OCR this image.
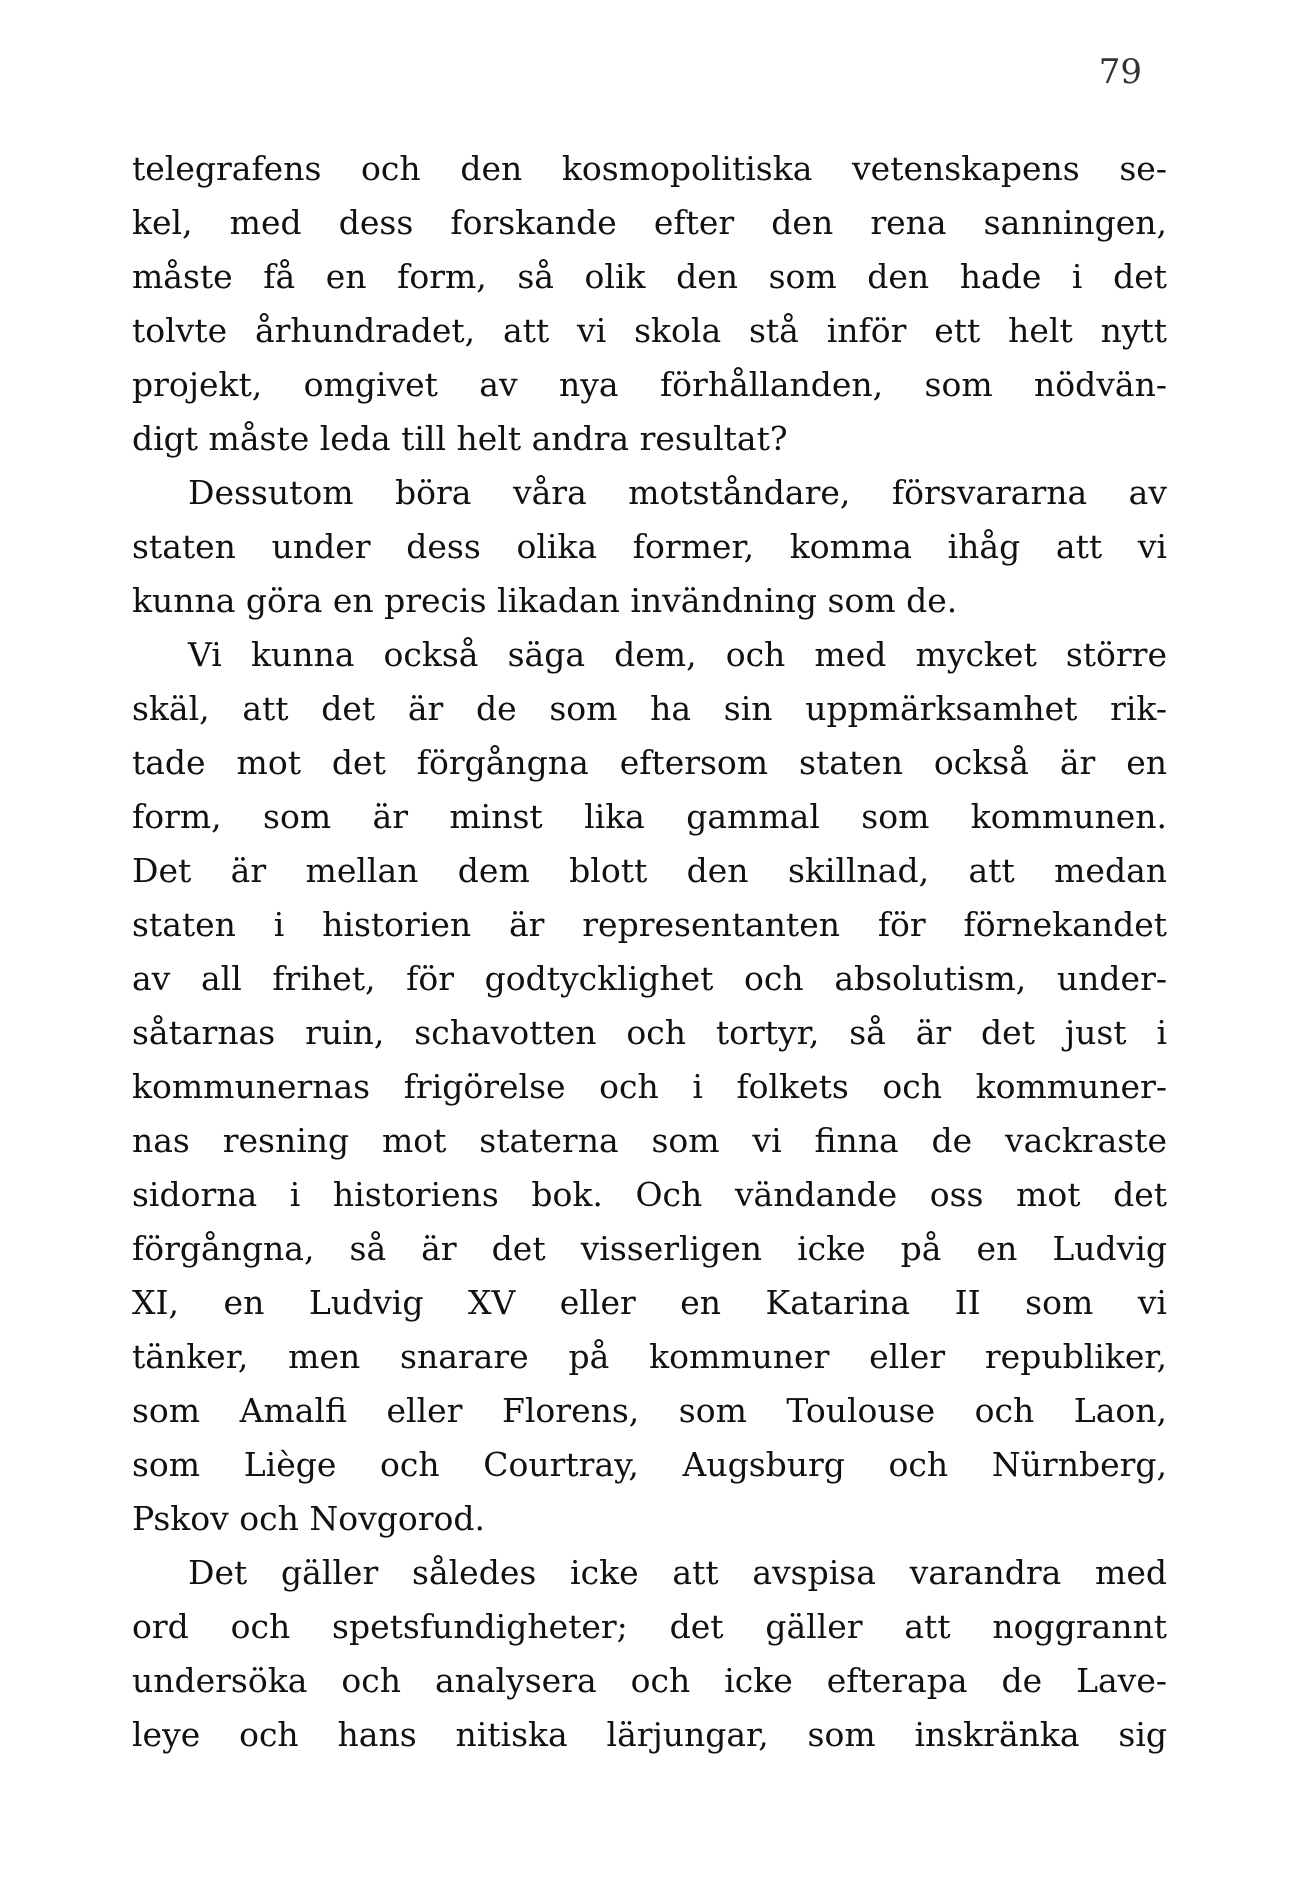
79
telegrafens och den kosmopolitiska vetenskapens se-
kel, med dess forskande efter den rena sanningen,
måste få en form, så olik den som den hade i det
tolvte århundradet, att vi skola stå inför ett helt nytt
projekt, omgivet av nya förhållanden, som nödvän-
digt måste leda till helt andra resultat?
Dessutom böra våra motståndare, försvararna av
staten under dess olika former, komma ihåg att vi
kunna göra en precis likadan invändning som de.
Vi kunna också säga dem, och med mycket större
skäl, att det är de som ha sin uppmärksamhet rik-
tade mot det förgångna eftersom staten också är en
form, som är minst lika gammal som kommunen.
Det är mellan dem blott den skillnad, att medan
staten i historien är representanten för förnekandet
av all frihet, för godtycklighet och absolutism, under-
såtarnas ruin, schavotten och tortyr, så är det just i
kommunernas frigörelse och i folkets och kommuner-
nas resning mot staterna som vi finna de vackraste
sidorna i historiens bok. Och vändande oss mot det
förgångna, så är det visserligen icke på en Ludvig
XI, en Ludvig XV eller en Katarina II som vi
tänker, men snarare på kommuner eller republiker,
som Amalfi eller Florens, som Toulouse och Laon,
som Liège och Courtray, Augsburg och Nürnberg,
Pskov och Novgorod.
Det gäller således icke att avspisa varandra med
ord och spetsfundigheter; det gäller att noggrannt
undersöka och analysera och icke efterapa de Lave-
leye och hans nitiska lärjungar, som inskränka sig
